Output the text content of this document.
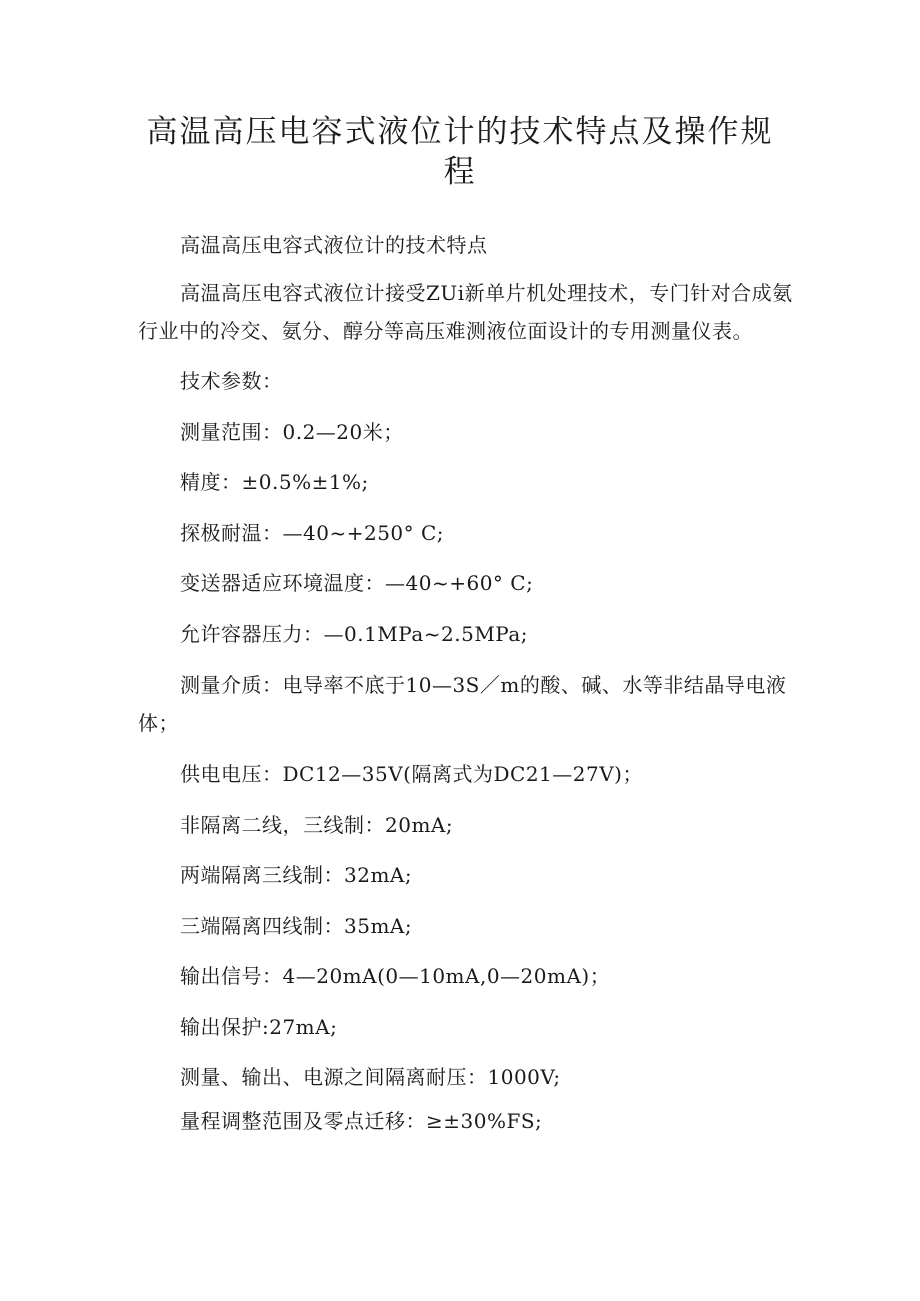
高温高压电容式液位计的技术特点及操作规程

高温高压电容式液位计的技术特点

高温高压电容式液位计接受ZUi新单片机处理技术，专门针对合成氨行业中的冷交、氨分、醇分等高压难测液位面设计的专用测量仪表。

技术参数：

测量范围：0.2—20米；

精度：±0.5%±1%;

探极耐温：—40~+250° C;

变送器适应环境温度：—40~+60° C;

允许容器压力：—0.1MPa~2.5MPa;

测量介质：电导率不底于10—3S／m的酸、碱、水等非结晶导电液体；

供电电压：DC12—35V(隔离式为DC21—27V)；

非隔离二线，三线制：20mA;

两端隔离三线制：32mA;

三端隔离四线制：35mA;

输出信号：4—20mA(0—10mA,0—20mA)；

输出保护:27mA;

测量、输出、电源之间隔离耐压：1000V;

量程调整范围及零点迁移：≥±30%FS;
